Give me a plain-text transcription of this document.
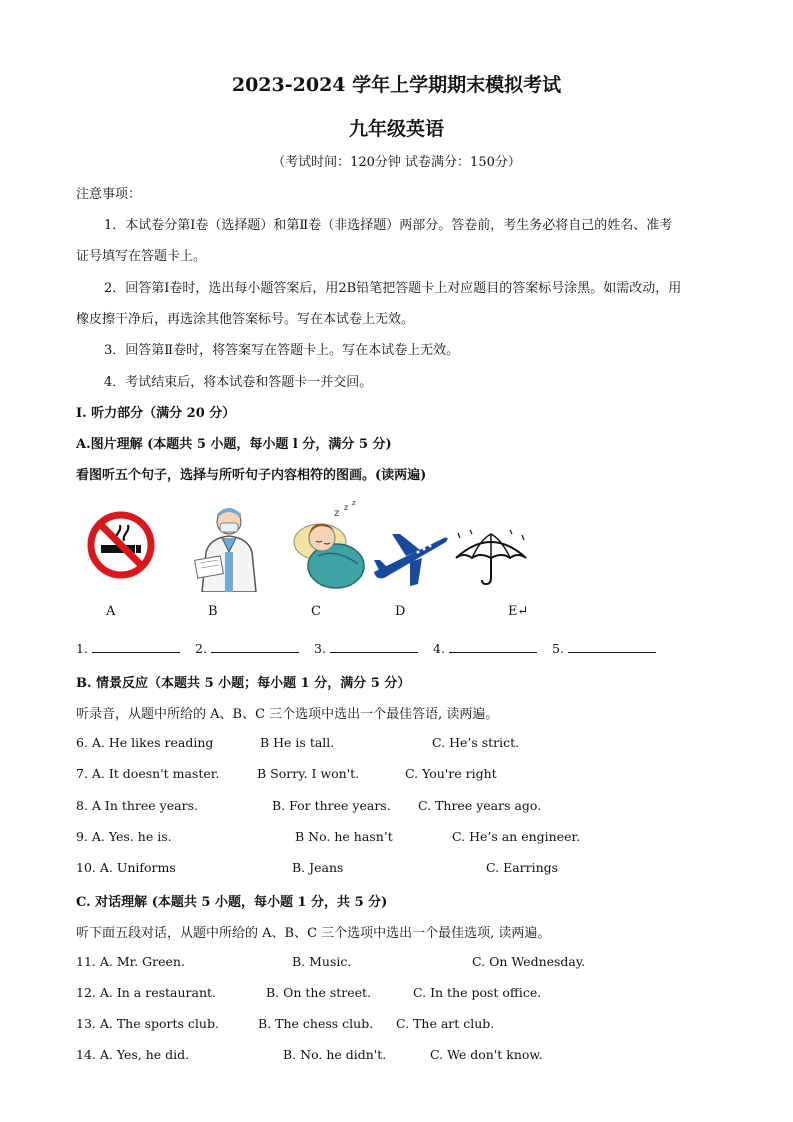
2023-2024 学年上学期期末模拟考试
九年级英语
（考试时间：120分钟 试卷满分：150分）
注意事项：
1．本试卷分第Ⅰ卷（选择题）和第Ⅱ卷（非选择题）两部分。答卷前，考生务必将自己的姓名、准考
证号填写在答题卡上。
2．回答第Ⅰ卷时，选出每小题答案后，用2B铅笔把答题卡上对应题目的答案标号涂黑。如需改动，用
橡皮擦干净后，再选涂其他答案标号。写在本试卷上无效。
3．回答第Ⅱ卷时，将答案写在答题卡上。写在本试卷上无效。
4．考试结束后，将本试卷和答题卡一并交回。
I. 听力部分（满分 20 分）
A.图片理解 (本题共 5 小题，每小题 l 分，满分 5 分)
看图听五个句子，选择与所听句子内容相符的图画。(读两遍)
z
z z
A	B	C	D	E↵
1.	2.	3.	4.	5.
B. 情景反应（本题共 5 小题；每小题 1 分，满分 5 分）
听录音，从题中所给的 A、B、C 三个选项中选出一个最佳答语, 读两遍。
6. A. He likes reading	B He is tall.	C. He’s strict.
7. A. It doesn't master.	B Sorry. I won't.	C. You're right
8. A In three years.	B. For three years. C. Three years ago.
9. A. Yes. he is.	B No. he hasn’t	C. He’s an engineer.
10. A. Uniforms	B. Jeans	C. Earrings
C. 对话理解 (本题共 5 小题，每小题 1 分，共 5 分)
听下面五段对话，从题中所给的 A、B、C 三个选项中选出一个最佳选项, 读两遍。
11. A. Mr. Green.	B. Music.	C. On Wednesday.
12. A. In a restaurant.	B. On the street.	C. In the post office.
13. A. The sports club.	B. The chess club. C. The art club.
14. A. Yes, he did.	B. No. he didn't.	C. We don't know.
